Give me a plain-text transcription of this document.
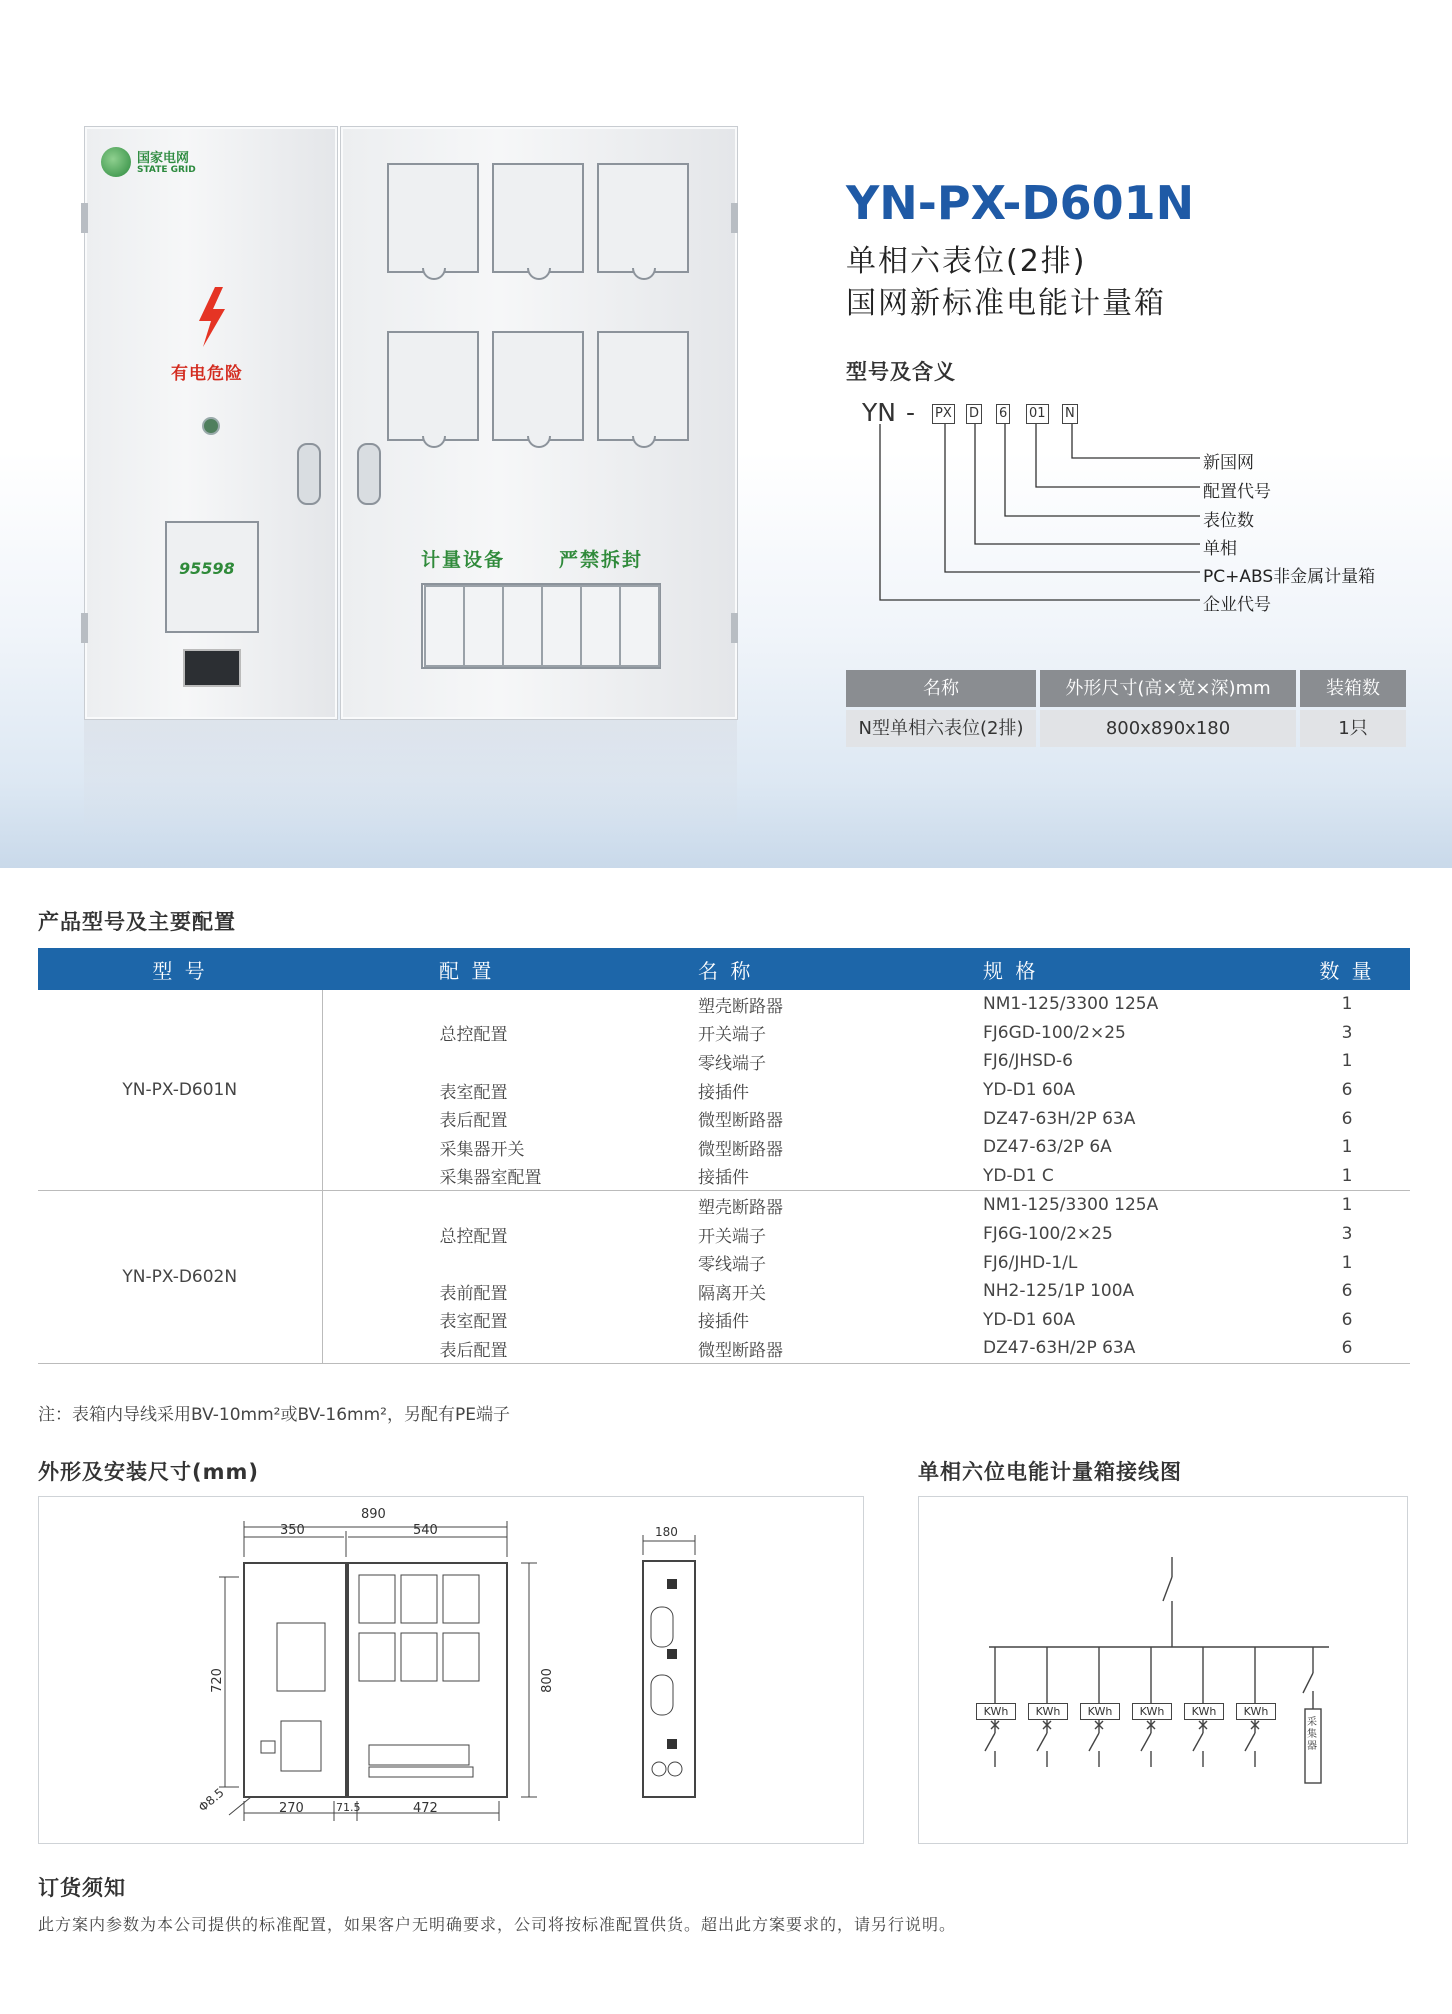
国家电网
STATE GRID
有电危险
95598	计量设备	严禁拆封
YN-PX-D601N
单相六表位(2排)
国网新标准电能计量箱
型号及含义
YN - PX D 6 01 N
新国网
配置代号
表位数
单相
PC+ABS非金属计量箱
企业代号
名称	外形尺寸(高×宽×深)mm	装箱数
N型单相六表位(2排)	800x890x180	1只
产品型号及主要配置
型 号	配 置	名 称	规 格	数 量
YN-PX-D601N		塑壳断路器	NM1-125/3300 125A	1
	总控配置	开关端子	FJ6GD-100/2×25	3
		零线端子	FJ6/JHSD-6	1
	表室配置	接插件	YD-D1 60A	6
	表后配置	微型断路器	DZ47-63H/2P 63A	6
	采集器开关	微型断路器	DZ47-63/2P 6A	1
	采集器室配置	接插件	YD-D1 C	1
YN-PX-D602N		塑壳断路器	NM1-125/3300 125A	1
	总控配置	开关端子	FJ6G-100/2×25	3
		零线端子	FJ6/JHD-1/L	1
	表前配置	隔离开关	NH2-125/1P 100A	6
	表室配置	接插件	YD-D1 60A	6
	表后配置	微型断路器	DZ47-63H/2P 63A	6
注：表箱内导线采用BV-10mm²或BV-16mm²，另配有PE端子
外形及安装尺寸(mm)
890
350	540
720	800
270	71.5	472
Φ8.5
180
单相六位电能计量箱接线图
采集器
KWh	KWh	KWh	KWh	KWh	KWh
订货须知
此方案内参数为本公司提供的标准配置，如果客户无明确要求，公司将按标准配置供货。超出此方案要求的，请另行说明。
